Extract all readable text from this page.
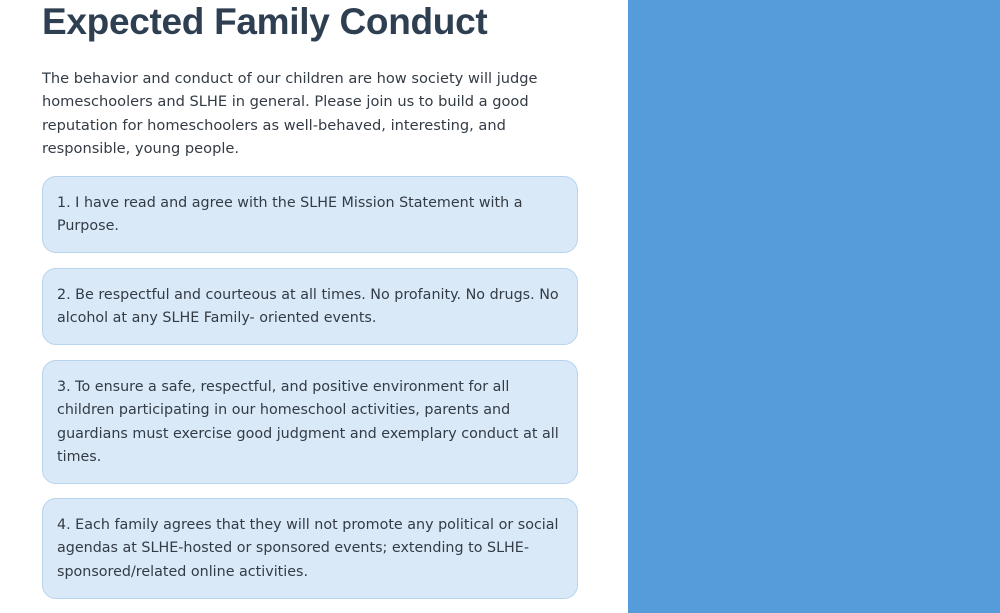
Expected Family Conduct

The behavior and conduct of our children are how society will judge homeschoolers and SLHE in general. Please join us to build a good reputation for homeschoolers as well-behaved, interesting, and responsible, young people.

1. I have read and agree with the SLHE Mission Statement with a Purpose.

2. Be respectful and courteous at all times. No profanity. No drugs. No alcohol at any SLHE Family- oriented events.

3. To ensure a safe, respectful, and positive environment for all children participating in our homeschool activities, parents and guardians must exercise good judgment and exemplary conduct at all times.

4. Each family agrees that they will not promote any political or social agendas at SLHE-hosted or sponsored events; extending to SLHE-sponsored/related online activities.
